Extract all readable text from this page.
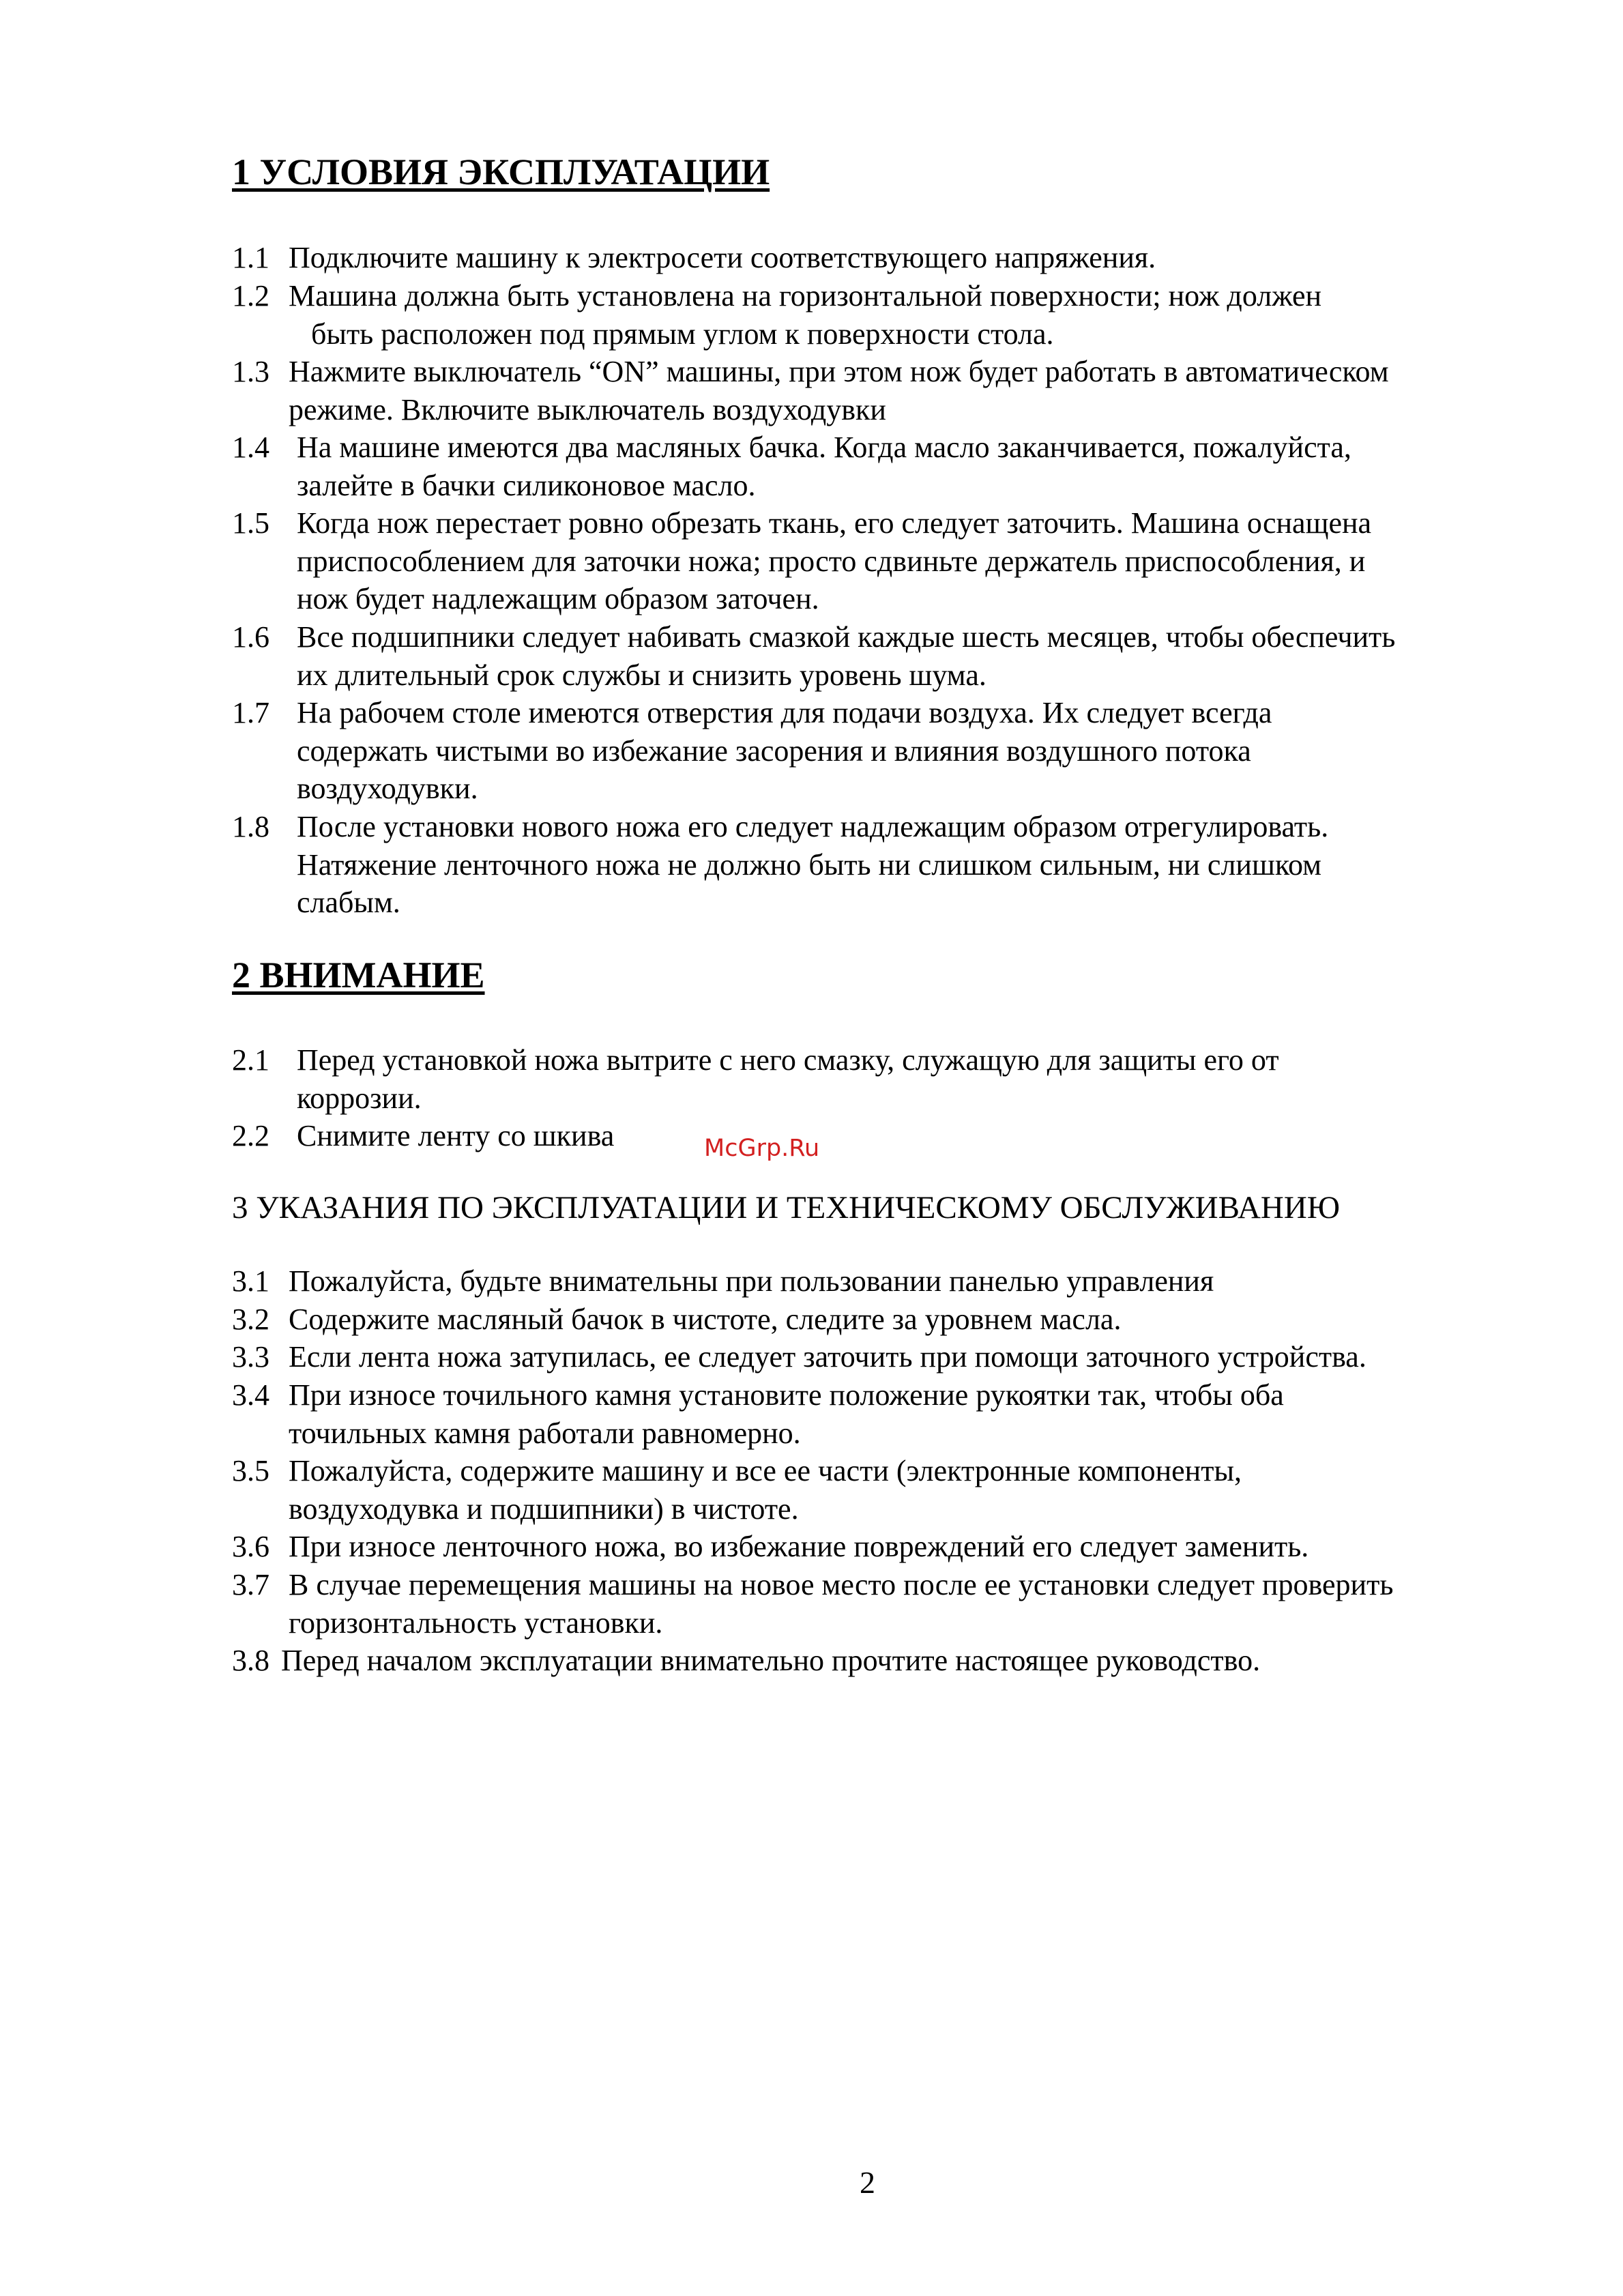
1 УСЛОВИЯ ЭКСПЛУАТАЦИИ
1.1 Подключите машину к электросети соответствующего напряжения.
1.2 Машина должна быть установлена на горизонтальной поверхности; нож должен
быть расположен под прямым углом к поверхности стола.
1.3 Нажмите выключатель “ON” машины, при этом нож будет работать в автоматическом
режиме. Включите выключатель воздуходувки
1.4 На машине имеются два масляных бачка. Когда масло заканчивается, пожалуйста,
залейте в бачки силиконовое масло.
1.5 Когда нож перестает ровно обрезать ткань, его следует заточить. Машина оснащена
приспособлением для заточки ножа; просто сдвиньте держатель приспособления, и
нож будет надлежащим образом заточен.
1.6 Все подшипники следует набивать смазкой каждые шесть месяцев, чтобы обеспечить
их длительный срок службы и снизить уровень шума.
1.7 На рабочем столе имеются отверстия для подачи воздуха. Их следует всегда
содержать чистыми во избежание засорения и влияния воздушного потока
воздуходувки.
1.8 После установки нового ножа его следует надлежащим образом отрегулировать.
Натяжение ленточного ножа не должно быть ни слишком сильным, ни слишком
слабым.
2 ВНИМАНИЕ
2.1 Перед установкой ножа вытрите с него смазку, служащую для защиты его от
коррозии.
2.2 Снимите ленту со шкива	McGrp.Ru
3 УКАЗАНИЯ ПО ЭКСПЛУАТАЦИИ И ТЕХНИЧЕСКОМУ ОБСЛУЖИВАНИЮ
3.1 Пожалуйста, будьте внимательны при пользовании панелью управления
3.2 Содержите масляный бачок в чистоте, следите за уровнем масла.
3.3 Если лента ножа затупилась, ее следует заточить при помощи заточного устройства.
3.4 При износе точильного камня установите положение рукоятки так, чтобы оба
точильных камня работали равномерно.
3.5 Пожалуйста, содержите машину и все ее части (электронные компоненты,
воздуходувка и подшипники) в чистоте.
3.6 При износе ленточного ножа, во избежание повреждений его следует заменить.
3.7 В случае перемещения машины на новое место после ее установки следует проверить
горизонтальность установки.
3.8 Перед началом эксплуатации внимательно прочтите настоящее руководство.
2
